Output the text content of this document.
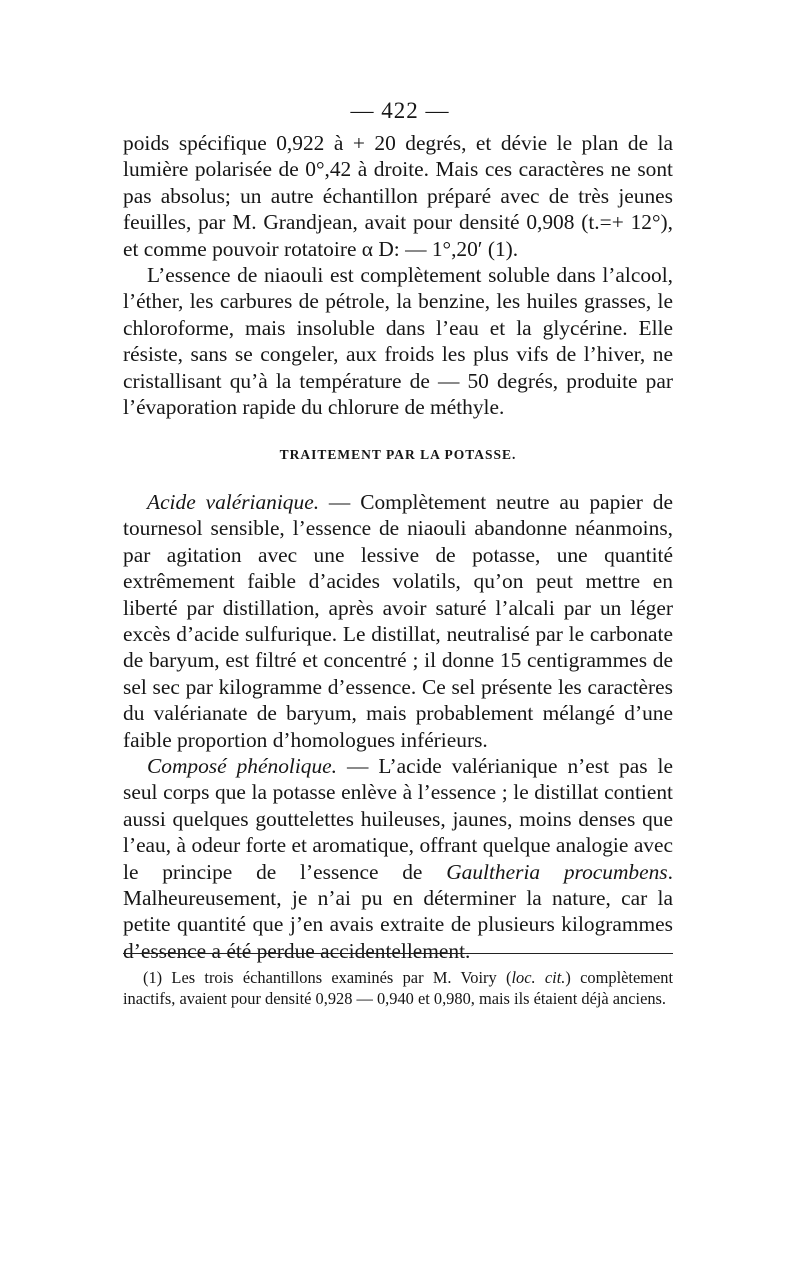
— 422 —

poids spécifique 0,922 à + 20 degrés, et dévie le plan de la lumière polarisée de 0°,42 à droite. Mais ces caractères ne sont pas absolus; un autre échantillon préparé avec de très jeunes feuilles, par M. Grandjean, avait pour densité 0,908 (t.=+ 12°), et comme pouvoir rotatoire α D: — 1°,20′ (1).

L’essence de niaouli est complètement soluble dans l’alcool, l’éther, les carbures de pétrole, la benzine, les huiles grasses, le chloroforme, mais insoluble dans l’eau et la glycérine. Elle résiste, sans se congeler, aux froids les plus vifs de l’hiver, ne cristallisant qu’à la température de — 50 degrés, produite par l’évaporation rapide du chlorure de méthyle.

TRAITEMENT PAR LA POTASSE.

Acide valérianique. — Complètement neutre au papier de tournesol sensible, l’essence de niaouli abandonne néanmoins, par agitation avec une lessive de potasse, une quantité extrêmement faible d’acides volatils, qu’on peut mettre en liberté par distillation, après avoir saturé l’alcali par un léger excès d’acide sulfurique. Le distillat, neutralisé par le carbonate de baryum, est filtré et concentré ; il donne 15 centigrammes de sel sec par kilogramme d’essence. Ce sel présente les caractères du valérianate de baryum, mais probablement mélangé d’une faible proportion d’homologues inférieurs.

Composé phénolique. — L’acide valérianique n’est pas le seul corps que la potasse enlève à l’essence ; le distillat contient aussi quelques gouttelettes huileuses, jaunes, moins denses que l’eau, à odeur forte et aromatique, offrant quelque analogie avec le principe de l’essence de Gaultheria procumbens. Malheureusement, je n’ai pu en déterminer la nature, car la petite quantité que j’en avais extraite de plusieurs kilogrammes d’essence a été perdue accidentellement.

(1) Les trois échantillons examinés par M. Voiry (loc. cit.) complètement inactifs, avaient pour densité 0,928 — 0,940 et 0,980, mais ils étaient déjà anciens.
